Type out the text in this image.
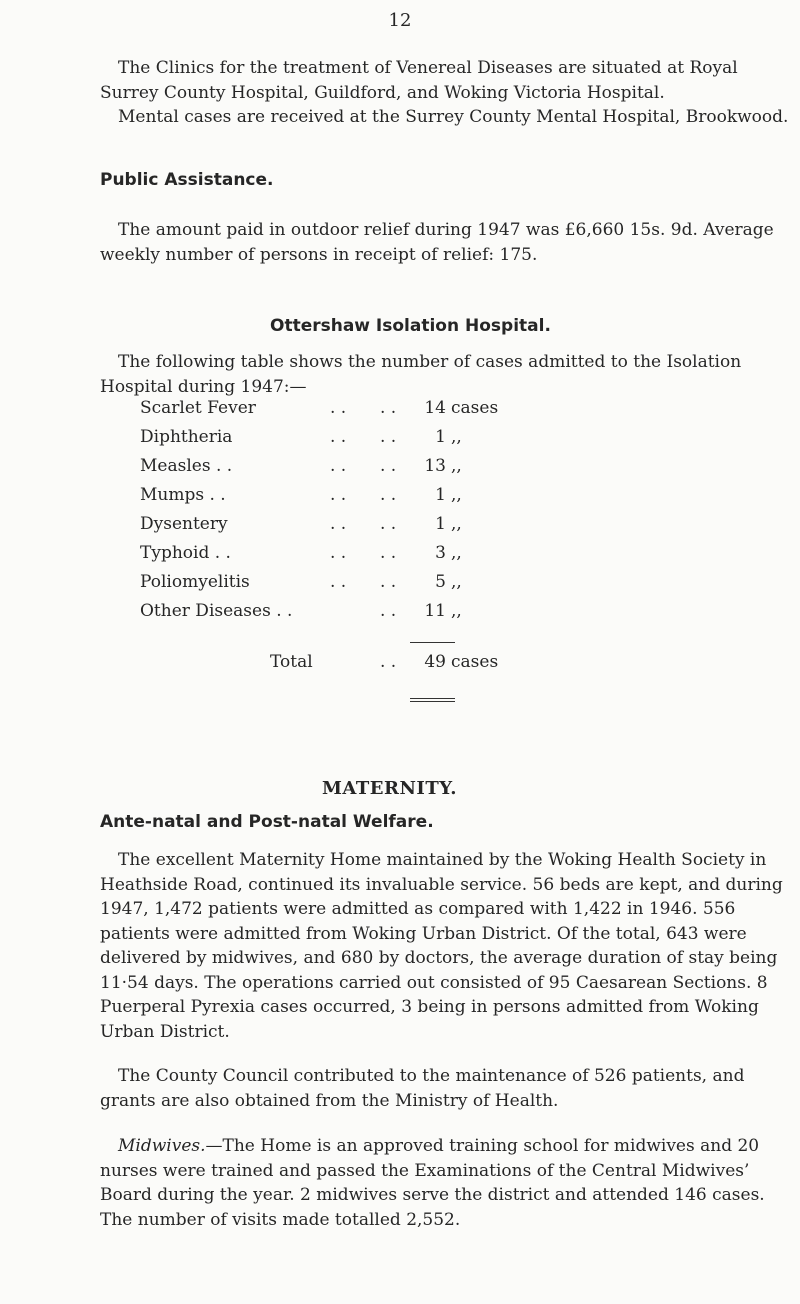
12

The Clinics for the treatment of Venereal Diseases are situated at Royal Surrey County Hospital, Guildford, and Woking Victoria Hospital.

Mental cases are received at the Surrey County Mental Hospital, Brookwood.

Public Assistance.

The amount paid in outdoor relief during 1947 was £6,660 15s. 9d. Average weekly number of persons in receipt of relief: 175.

Ottershaw Isolation Hospital.

The following table shows the number of cases admitted to the Isolation Hospital during 1947:—

Scarlet Fever	. . . .	14 cases
Diphtheria	. . . .	1 ,,
Measles . .	. . . .	13 ,,
Mumps . .	. . . .	1 ,,
Dysentery	. . . .	1 ,,
Typhoid . .	. . . .	3 ,,
Poliomyelitis	. . . .	5 ,,
Other Diseases . .	. .	11 ,,
Total	. .	49 cases
MATERNITY.
Ante-natal and Post-natal Welfare.

The excellent Maternity Home maintained by the Woking Health Society in Heathside Road, continued its invaluable service. 56 beds are kept, and during 1947, 1,472 patients were admitted as compared with 1,422 in 1946. 556 patients were admitted from Woking Urban District. Of the total, 643 were delivered by midwives, and 680 by doctors, the average duration of stay being 11·54 days. The operations carried out consisted of 95 Caesarean Sections. 8 Puerperal Pyrexia cases occurred, 3 being in persons admitted from Woking Urban District.

The County Council contributed to the maintenance of 526 patients, and grants are also obtained from the Ministry of Health.

Midwives.—The Home is an approved training school for midwives and 20 nurses were trained and passed the Examinations of the Central Midwives’ Board during the year. 2 midwives serve the district and attended 146 cases. The number of visits made totalled 2,552.
